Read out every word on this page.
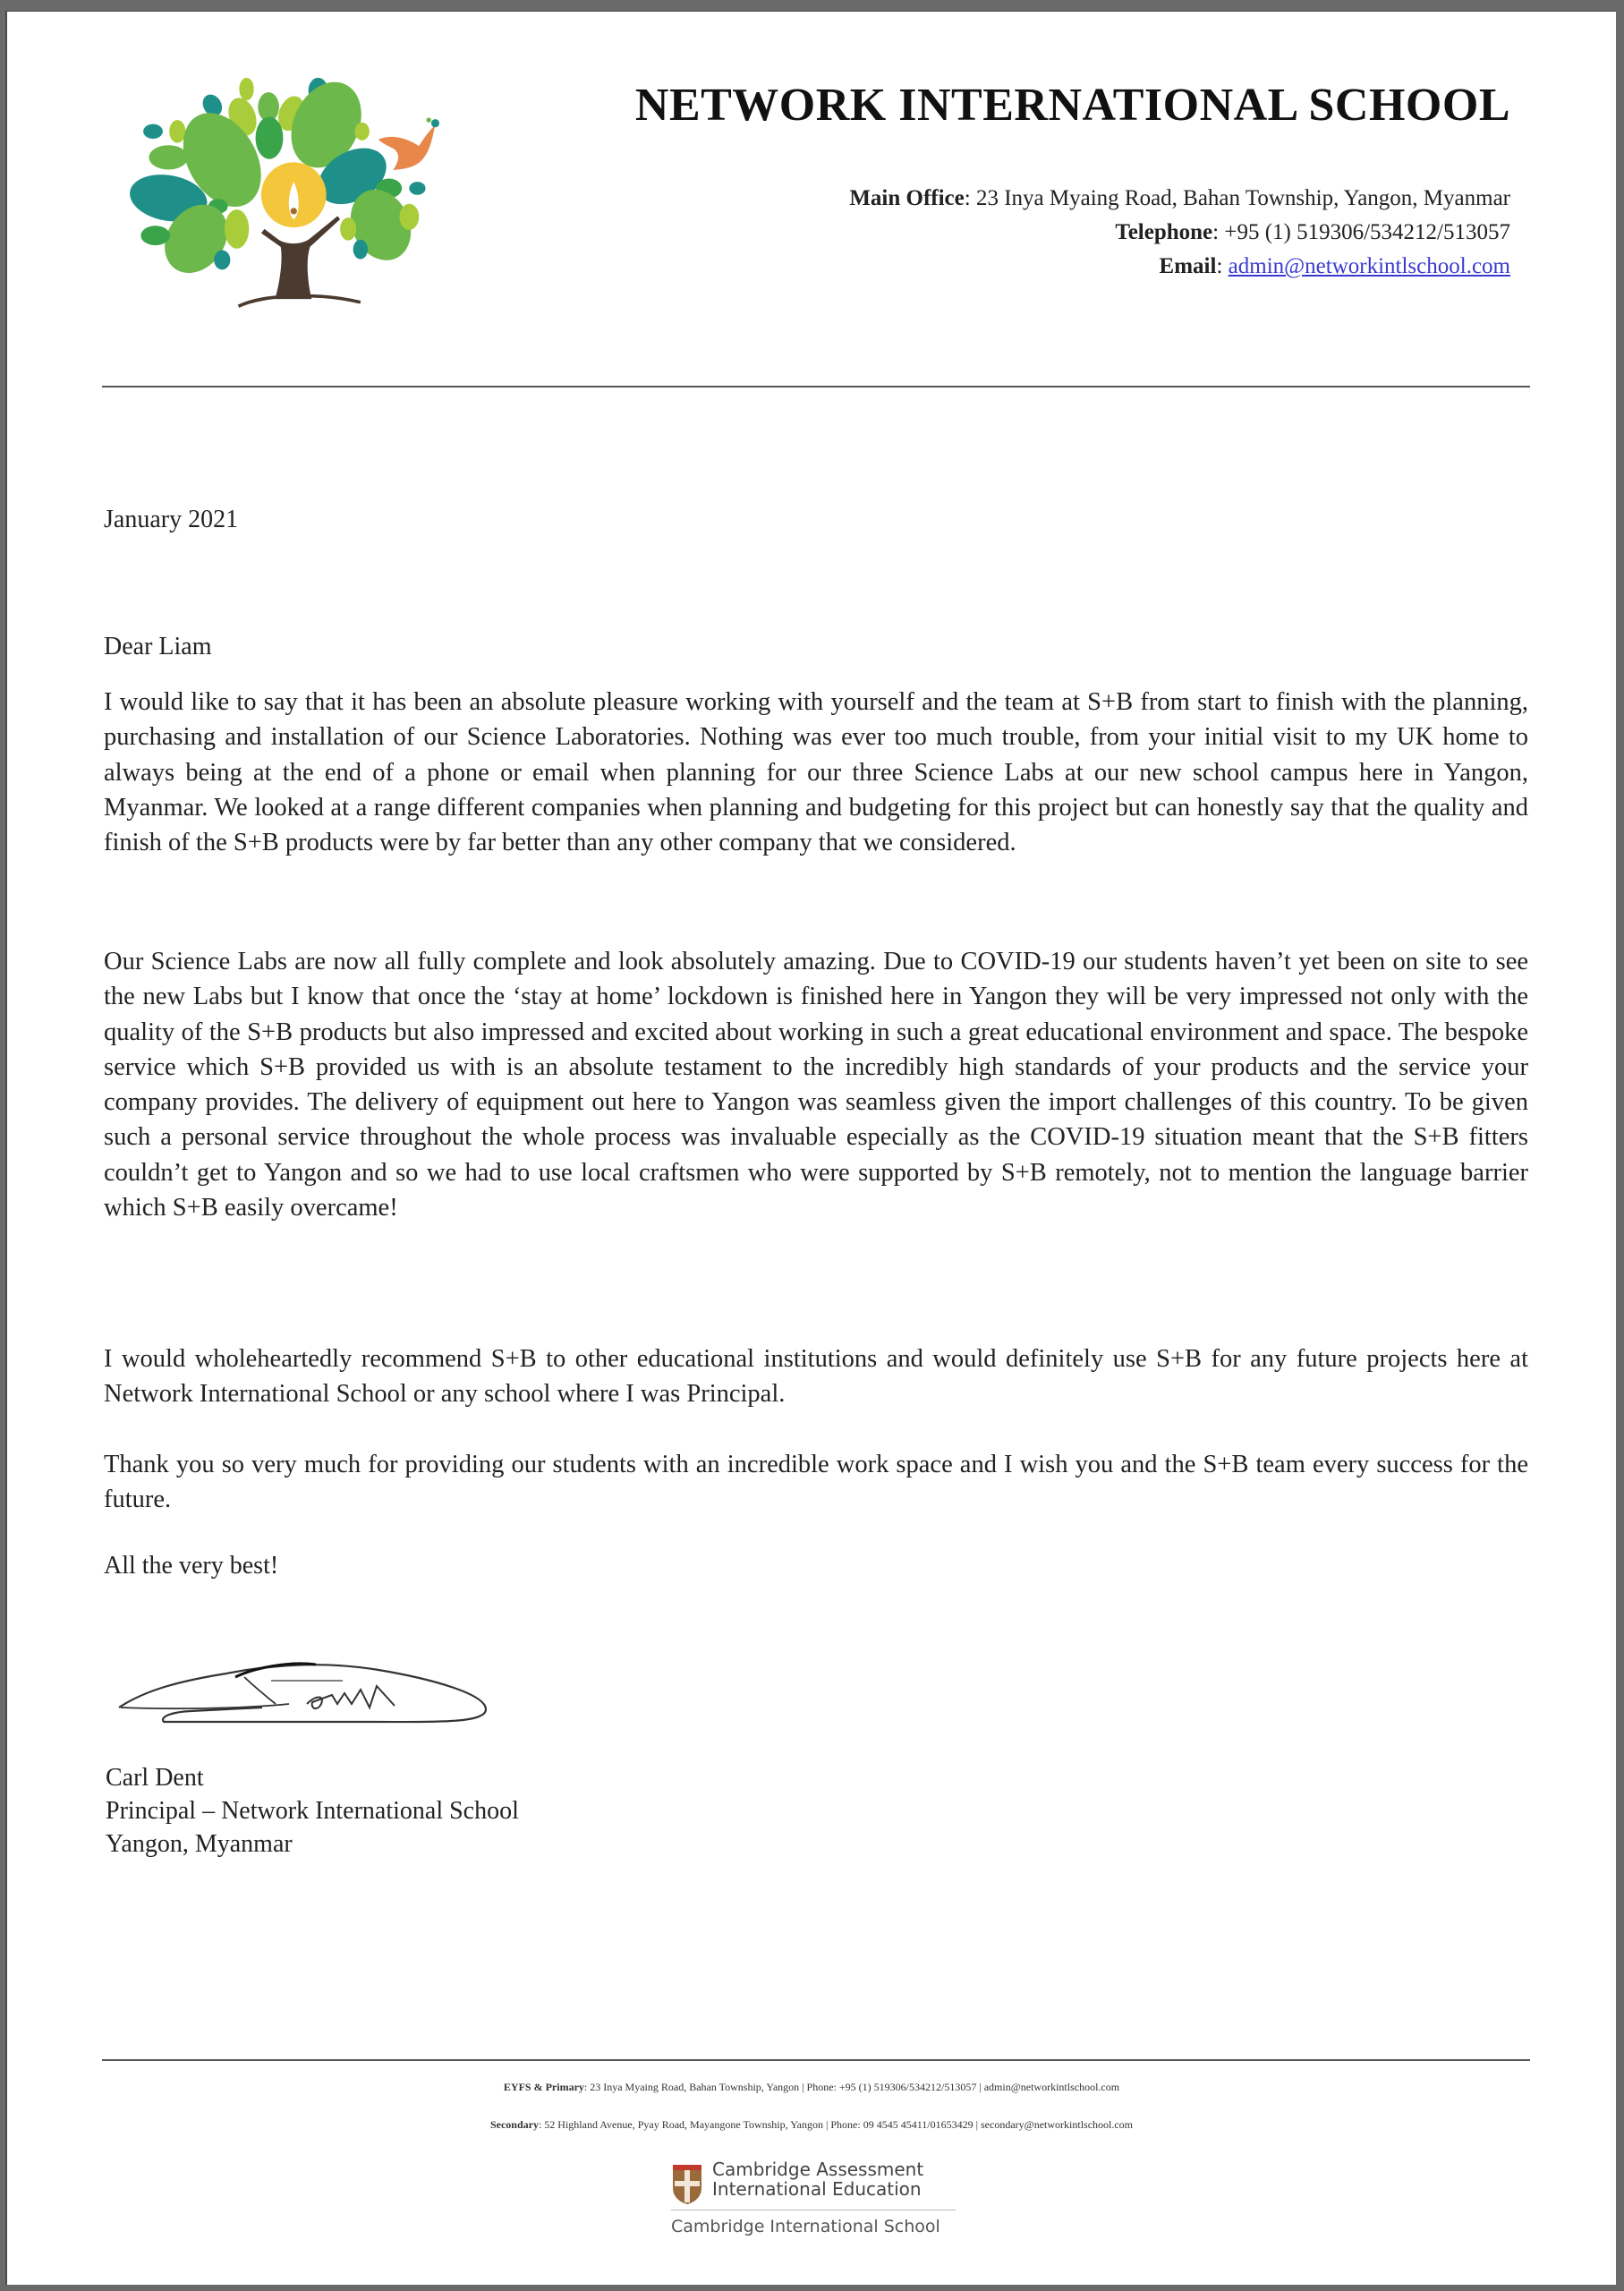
NETWORK INTERNATIONAL SCHOOL
Main Office: 23 Inya Myaing Road, Bahan Township, Yangon, Myanmar
Telephone: +95 (1) 519306/534212/513057
Email: admin@networkintlschool.com
January 2021
Dear Liam

I would like to say that it has been an absolute pleasure working with yourself and the team at S+B from start to finish with the planning, purchasing and installation of our Science Laboratories. Nothing was ever too much trouble, from your initial visit to my UK home to always being at the end of a phone or email when planning for our three Science Labs at our new school campus here in Yangon, Myanmar. We looked at a range different companies when planning and budgeting for this project but can honestly say that the quality and finish of the S+B products were by far better than any other company that we considered.

Our Science Labs are now all fully complete and look absolutely amazing. Due to COVID-19 our students haven’t yet been on site to see the new Labs but I know that once the ‘stay at home’ lockdown is finished here in Yangon they will be very impressed not only with the quality of the S+B products but also impressed and excited about working in such a great educational environment and space. The bespoke service which S+B provided us with is an absolute testament to the incredibly high standards of your products and the service your company provides. The delivery of equipment out here to Yangon was seamless given the import challenges of this country. To be given such a personal service throughout the whole process was invaluable especially as the COVID-19 situation meant that the S+B fitters couldn’t get to Yangon and so we had to use local craftsmen who were supported by S+B remotely, not to mention the language barrier which S+B easily overcame!

I would wholeheartedly recommend S+B to other educational institutions and would definitely use S+B for any future projects here at Network International School or any school where I was Principal.

Thank you so very much for providing our students with an incredible work space and I wish you and the S+B team every success for the future.

All the very best!
Carl Dent
Principal – Network International School
Yangon, Myanmar
EYFS & Primary: 23 Inya Myaing Road, Bahan Township, Yangon | Phone: +95 (1) 519306/534212/513057 | admin@networkintlschool.com
Secondary: 52 Highland Avenue, Pyay Road, Mayangone Township, Yangon | Phone: 09 4545 45411/01653429 | secondary@networkintlschool.com
Cambridge Assessment
International Education
Cambridge International School
